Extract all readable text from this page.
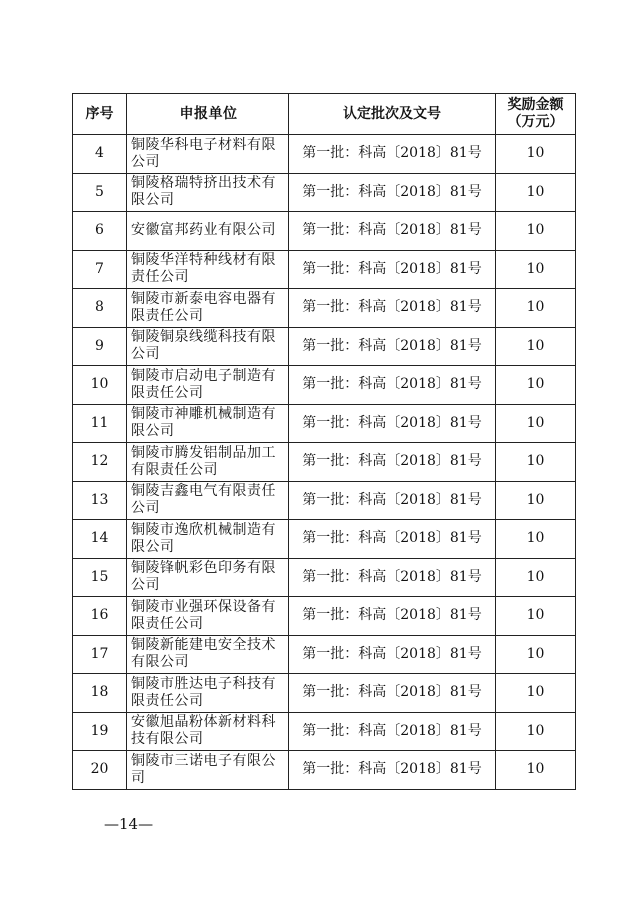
序号	申报单位	认定批次及文号	奖励金额（万元）
4	铜陵华科电子材料有限公司	第一批：科高〔2018〕81号	10
5	铜陵格瑞特挤出技术有限公司	第一批：科高〔2018〕81号	10
6	安徽富邦药业有限公司	第一批：科高〔2018〕81号	10
7	铜陵华洋特种线材有限责任公司	第一批：科高〔2018〕81号	10
8	铜陵市新泰电容电器有限责任公司	第一批：科高〔2018〕81号	10
9	铜陵铜泉线缆科技有限公司	第一批：科高〔2018〕81号	10
10	铜陵市启动电子制造有限责任公司	第一批：科高〔2018〕81号	10
11	铜陵市神雕机械制造有限公司	第一批：科高〔2018〕81号	10
12	铜陵市腾发铝制品加工有限责任公司	第一批：科高〔2018〕81号	10
13	铜陵吉鑫电气有限责任公司	第一批：科高〔2018〕81号	10
14	铜陵市逸欣机械制造有限公司	第一批：科高〔2018〕81号	10
15	铜陵锋帆彩色印务有限公司	第一批：科高〔2018〕81号	10
16	铜陵市业强环保设备有限责任公司	第一批：科高〔2018〕81号	10
17	铜陵新能建电安全技术有限公司	第一批：科高〔2018〕81号	10
18	铜陵市胜达电子科技有限责任公司	第一批：科高〔2018〕81号	10
19	安徽旭晶粉体新材料科技有限公司	第一批：科高〔2018〕81号	10
20	铜陵市三诺电子有限公司	第一批：科高〔2018〕81号	10
—14—
